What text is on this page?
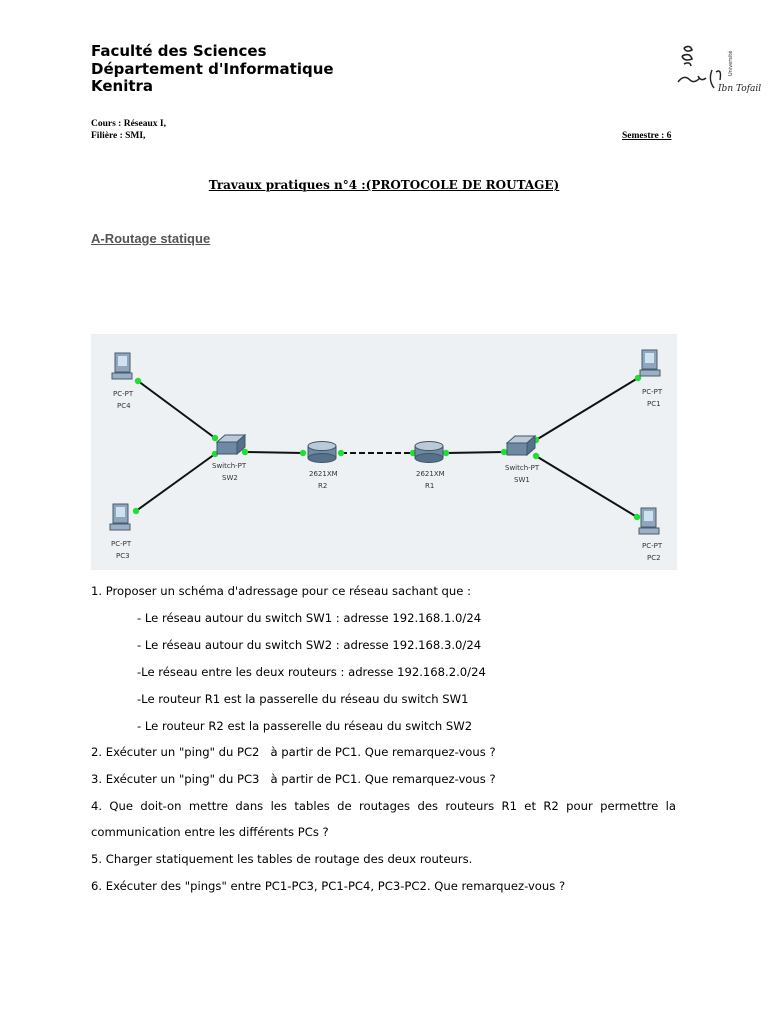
Faculté des Sciences
Département d'Informatique
Kenitra
Université
Ibn Tofail
Cours : Réseaux I,
Filière : SMI,	Semestre : 6
Travaux pratiques n°4 :(PROTOCOLE DE ROUTAGE)
A-Routage statique
PC-PT
PC4
PC-PT
PC3
PC-PT
PC1
PC-PT
PC2
Switch-PT
SW2
Switch-PT
SW1
2621XM
R2
2621XM
R1
1. Proposer un schéma d'adressage pour ce réseau sachant que :
- Le réseau autour du switch SW1 : adresse 192.168.1.0/24
- Le réseau autour du switch SW2 : adresse 192.168.3.0/24
-Le réseau entre les deux routeurs : adresse 192.168.2.0/24
-Le routeur R1 est la passerelle du réseau du switch SW1
- Le routeur R2 est la passerelle du réseau du switch SW2
2. Exécuter un "ping" du PC2   à partir de PC1. Que remarquez-vous ?
3. Exécuter un "ping" du PC3   à partir de PC1. Que remarquez-vous ?
4. Que doit-on mettre dans les tables de routages des routeurs R1 et R2 pour permettre la
communication entre les différents PCs ?
5. Charger statiquement les tables de routage des deux routeurs.
6. Exécuter des "pings" entre PC1-PC3, PC1-PC4, PC3-PC2. Que remarquez-vous ?
